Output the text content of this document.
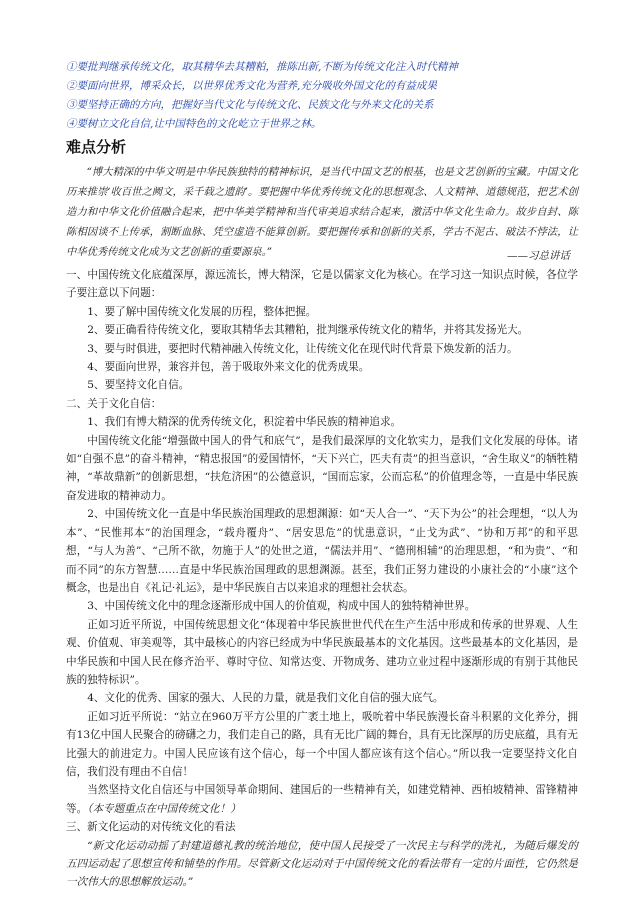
①要批判继承传统文化，取其精华去其糟粕，推陈出新,不断为传统文化注入时代精神
②要面向世界，博采众长，以世界优秀文化为营养,充分吸收外国文化的有益成果
③要坚持正确的方向，把握好当代文化与传统文化、民族文化与外来文化的关系
④要树立文化自信,让中国特色的文化屹立于世界之林。
难点分析
“博大精深的中华文明是中华民族独特的精神标识，是当代中国文艺的根基，也是文艺创新的宝藏。中国文化历来推崇‘收百世之阙文，采千载之遗韵’。要把握中华优秀传统文化的思想观念、人文精神、道德规范，把艺术创造力和中华文化价值融合起来，把中华美学精神和当代审美追求结合起来，激活中华文化生命力。故步自封、陈陈相因谈不上传承，割断血脉、凭空虚造不能算创新。要把握传承和创新的关系，学古不泥古、破法不悖法，让中华优秀传统文化成为文艺创新的重要源泉。”	——习总讲话

一、中国传统文化底蕴深厚，源远流长，博大精深，它是以儒家文化为核心。在学习这一知识点时候，各位学子要注意以下问题：

1、要了解中国传统文化发展的历程，整体把握。

2、要正确看待传统文化，要取其精华去其糟粕，批判继承传统文化的精华，并将其发扬光大。

3、要与时俱进，要把时代精神融入传统文化，让传统文化在现代时代背景下焕发新的活力。

4、要面向世界，兼容并包，善于吸取外来文化的优秀成果。

5、要坚持文化自信。

二、关于文化自信：

1、我们有博大精深的优秀传统文化，积淀着中华民族的精神追求。

中国传统文化能“增强做中国人的骨气和底气”，是我们最深厚的文化软实力，是我们文化发展的母体。诸如“自强不息”的奋斗精神，“精忠报国”的爱国情怀，“天下兴亡，匹夫有责”的担当意识，“舍生取义”的牺牲精神，“革故鼎新”的创新思想，“扶危济困”的公德意识，“国而忘家，公而忘私”的价值理念等，一直是中华民族奋发进取的精神动力。

2、中国传统文化一直是中华民族治国理政的思想渊源：如“天人合一”、“天下为公”的社会理想，“以人为本”、“民惟邦本”的治国理念，“载舟覆舟”、“居安思危”的忧患意识，“止戈为武”、“协和万邦”的和平思想，“与人为善”、“己所不欲，勿施于人”的处世之道，“儒法并用”、“德刑相辅”的治理思想，“和为贵”、“和而不同”的东方智慧……直是中华民族治国理政的思想渊源。甚至，我们正努力建设的小康社会的“小康”这个概念，也是出自《礼记·礼运》，是中华民族自古以来追求的理想社会状态。

3、中国传统文化中的理念逐渐形成中国人的价值观，构成中国人的独特精神世界。

正如习近平所说，中国传统思想文化“体现着中华民族世世代代在生产生活中形成和传承的世界观、人生观、价值观、审美观等，其中最核心的内容已经成为中华民族最基本的文化基因。这些最基本的文化基因，是中华民族和中国人民在修齐治平、尊时守位、知常达变、开物成务、建功立业过程中逐渐形成的有别于其他民族的独特标识”。

4、文化的优秀、国家的强大、人民的力量，就是我们文化自信的强大底气。

正如习近平所说：“站立在960万平方公里的广袤土地上，吸吮着中华民族漫长奋斗积累的文化养分，拥有13亿中国人民聚合的磅礴之力，我们走自己的路，具有无比广阔的舞台，具有无比深厚的历史底蕴，具有无比强大的前进定力。中国人民应该有这个信心，每一个中国人都应该有这个信心。”所以我一定要坚持文化自信，我们没有理由不自信！

当然坚持文化自信还与中国领导革命期间、建国后的一些精神有关，如建党精神、西柏坡精神、雷锋精神等。（本专题重点在中国传统文化！）

三、新文化运动的对传统文化的看法

“新文化运动动摇了封建道德礼教的统治地位，使中国人民接受了一次民主与科学的洗礼，为随后爆发的五四运动起了思想宣传和铺垫的作用。尽管新文化运动对于中国传统文化的看法带有一定的片面性，它仍然是一次伟大的思想解放运动。”
